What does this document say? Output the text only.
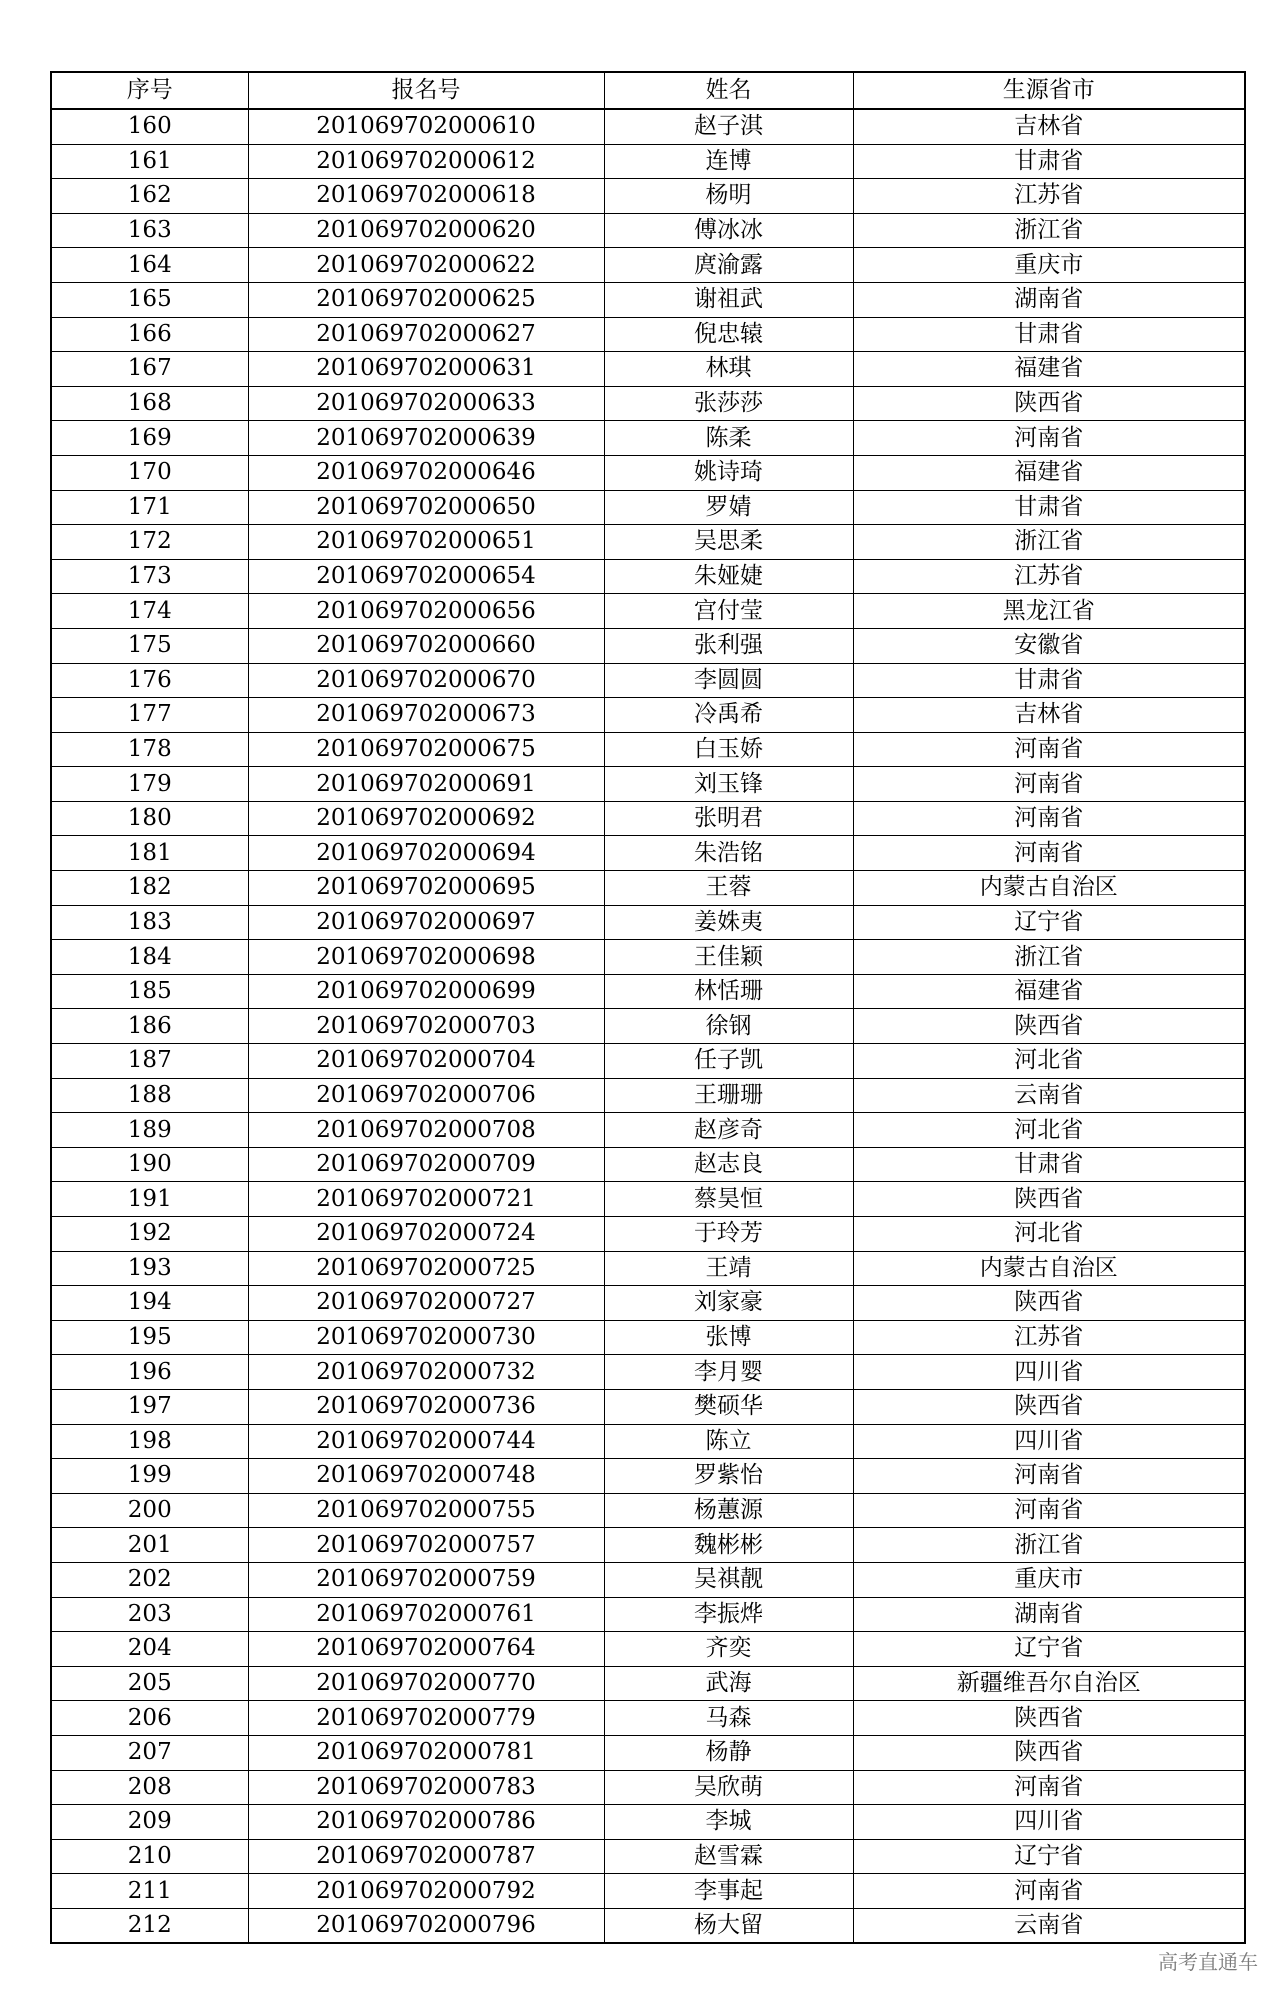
序号	报名号	姓名	生源省市
160	201069702000610	赵子淇	吉林省
161	201069702000612	连博	甘肃省
162	201069702000618	杨明	江苏省
163	201069702000620	傅冰冰	浙江省
164	201069702000622	庹渝露	重庆市
165	201069702000625	谢祖武	湖南省
166	201069702000627	倪忠辕	甘肃省
167	201069702000631	林琪	福建省
168	201069702000633	张莎莎	陕西省
169	201069702000639	陈柔	河南省
170	201069702000646	姚诗琦	福建省
171	201069702000650	罗婧	甘肃省
172	201069702000651	吴思柔	浙江省
173	201069702000654	朱娅婕	江苏省
174	201069702000656	宫付莹	黑龙江省
175	201069702000660	张利强	安徽省
176	201069702000670	李圆圆	甘肃省
177	201069702000673	冷禹希	吉林省
178	201069702000675	白玉娇	河南省
179	201069702000691	刘玉锋	河南省
180	201069702000692	张明君	河南省
181	201069702000694	朱浩铭	河南省
182	201069702000695	王蓉	内蒙古自治区
183	201069702000697	姜姝夷	辽宁省
184	201069702000698	王佳颖	浙江省
185	201069702000699	林恬珊	福建省
186	201069702000703	徐钢	陕西省
187	201069702000704	任子凯	河北省
188	201069702000706	王珊珊	云南省
189	201069702000708	赵彦奇	河北省
190	201069702000709	赵志良	甘肃省
191	201069702000721	蔡昊恒	陕西省
192	201069702000724	于玲芳	河北省
193	201069702000725	王靖	内蒙古自治区
194	201069702000727	刘家豪	陕西省
195	201069702000730	张博	江苏省
196	201069702000732	李月婴	四川省
197	201069702000736	樊硕华	陕西省
198	201069702000744	陈立	四川省
199	201069702000748	罗紫怡	河南省
200	201069702000755	杨蕙源	河南省
201	201069702000757	魏彬彬	浙江省
202	201069702000759	吴祺靓	重庆市
203	201069702000761	李振烨	湖南省
204	201069702000764	齐奕	辽宁省
205	201069702000770	武海	新疆维吾尔自治区
206	201069702000779	马森	陕西省
207	201069702000781	杨静	陕西省
208	201069702000783	吴欣萌	河南省
209	201069702000786	李城	四川省
210	201069702000787	赵雪霖	辽宁省
211	201069702000792	李事起	河南省
212	201069702000796	杨大留	云南省
高考直通车
